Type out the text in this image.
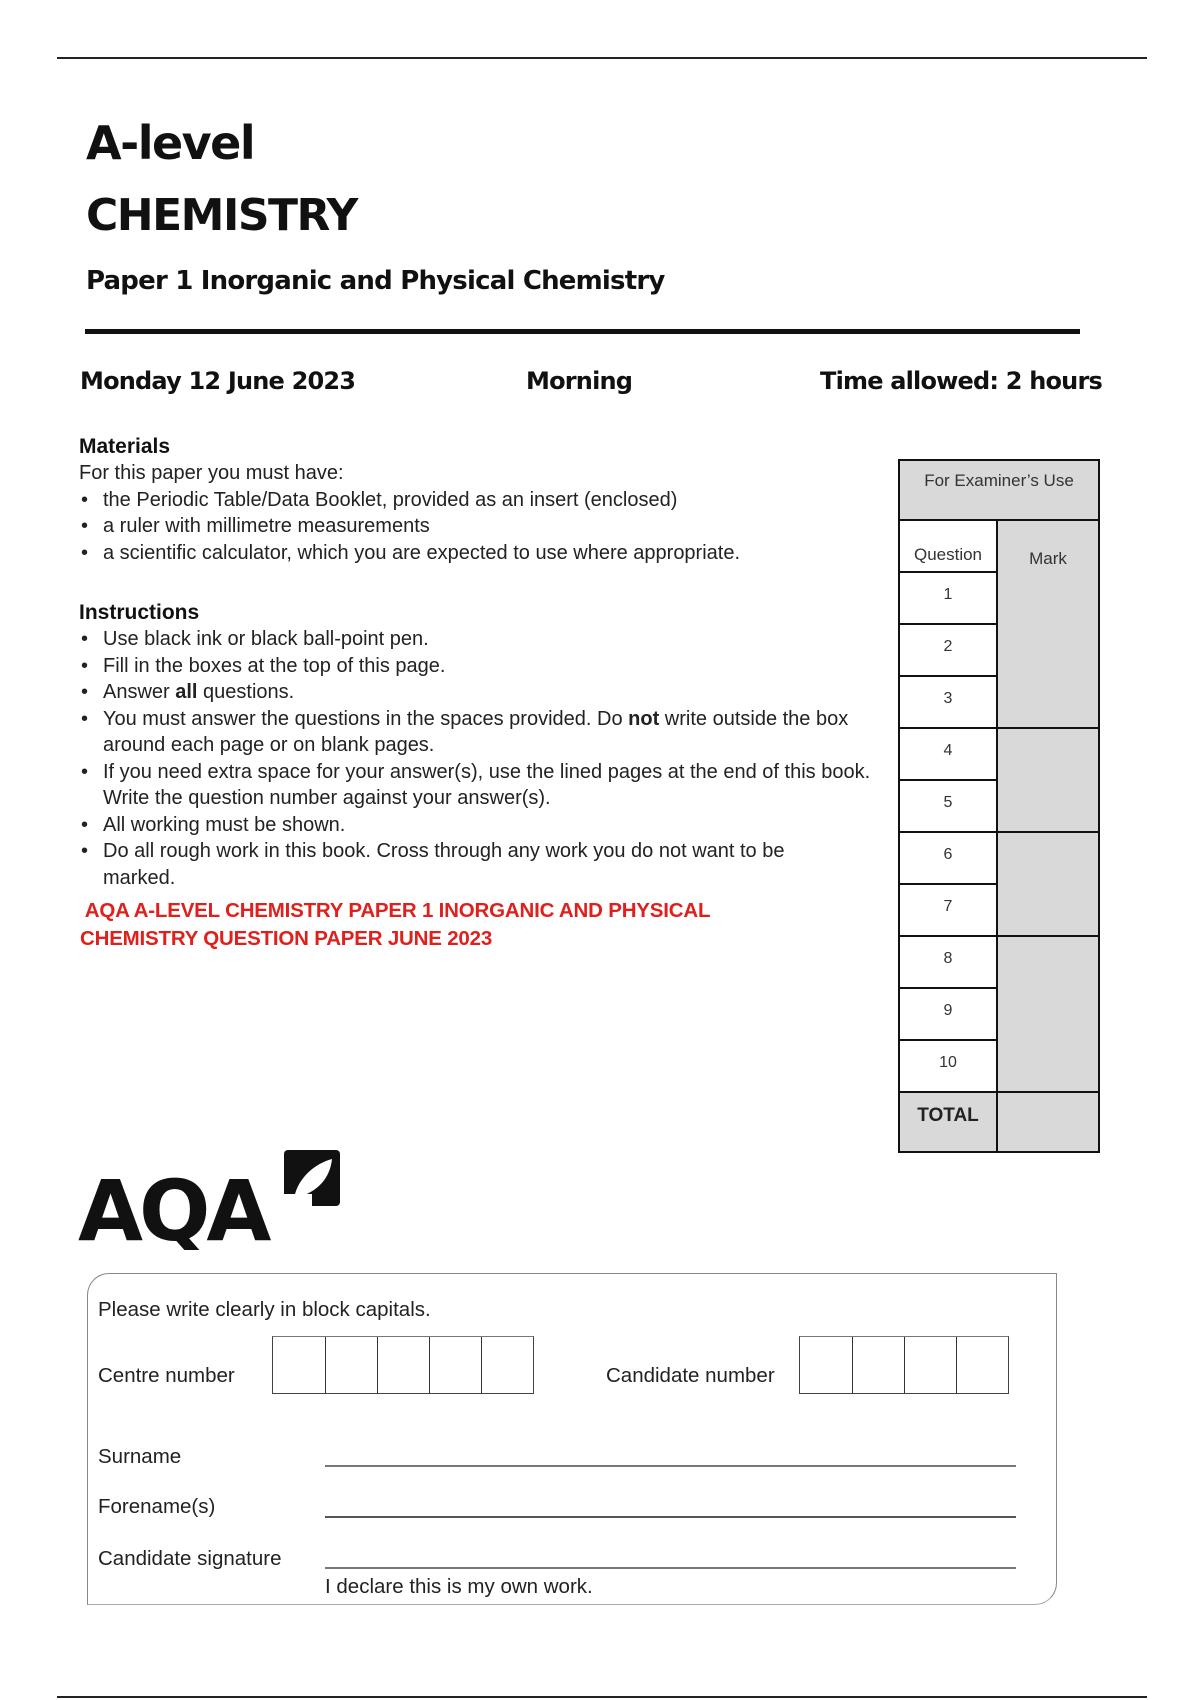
A-level
CHEMISTRY
Paper 1 Inorganic and Physical Chemistry
Monday 12 June 2023	Morning	Time allowed: 2 hours
Materials

For this paper you must have:

• the Periodic Table/Data Booklet, provided as an insert (enclosed)
• a ruler with millimetre measurements
• a scientific calculator, which you are expected to use where appropriate.
Instructions
• Use black ink or black ball-point pen.
• Fill in the boxes at the top of this page.
• Answer all questions.
• You must answer the questions in the spaces provided. Do not write outside the box around each page or on blank pages.
• If you need extra space for your answer(s), use the lined pages at the end of this book. Write the question number against your answer(s).
• All working must be shown.
• Do all rough work in this book. Cross through any work you do not want to be marked.
AQA A-LEVEL CHEMISTRY PAPER 1 INORGANIC AND PHYSICAL
CHEMISTRY QUESTION PAPER JUNE 2023
For Examiner’s Use
Question	Mark
1
2
3
4
5
6
7
8
9
10
TOTAL
AQA
Please write clearly in block capitals.
Centre number	Candidate number
Surname
Forename(s)
Candidate signature
I declare this is my own work.
